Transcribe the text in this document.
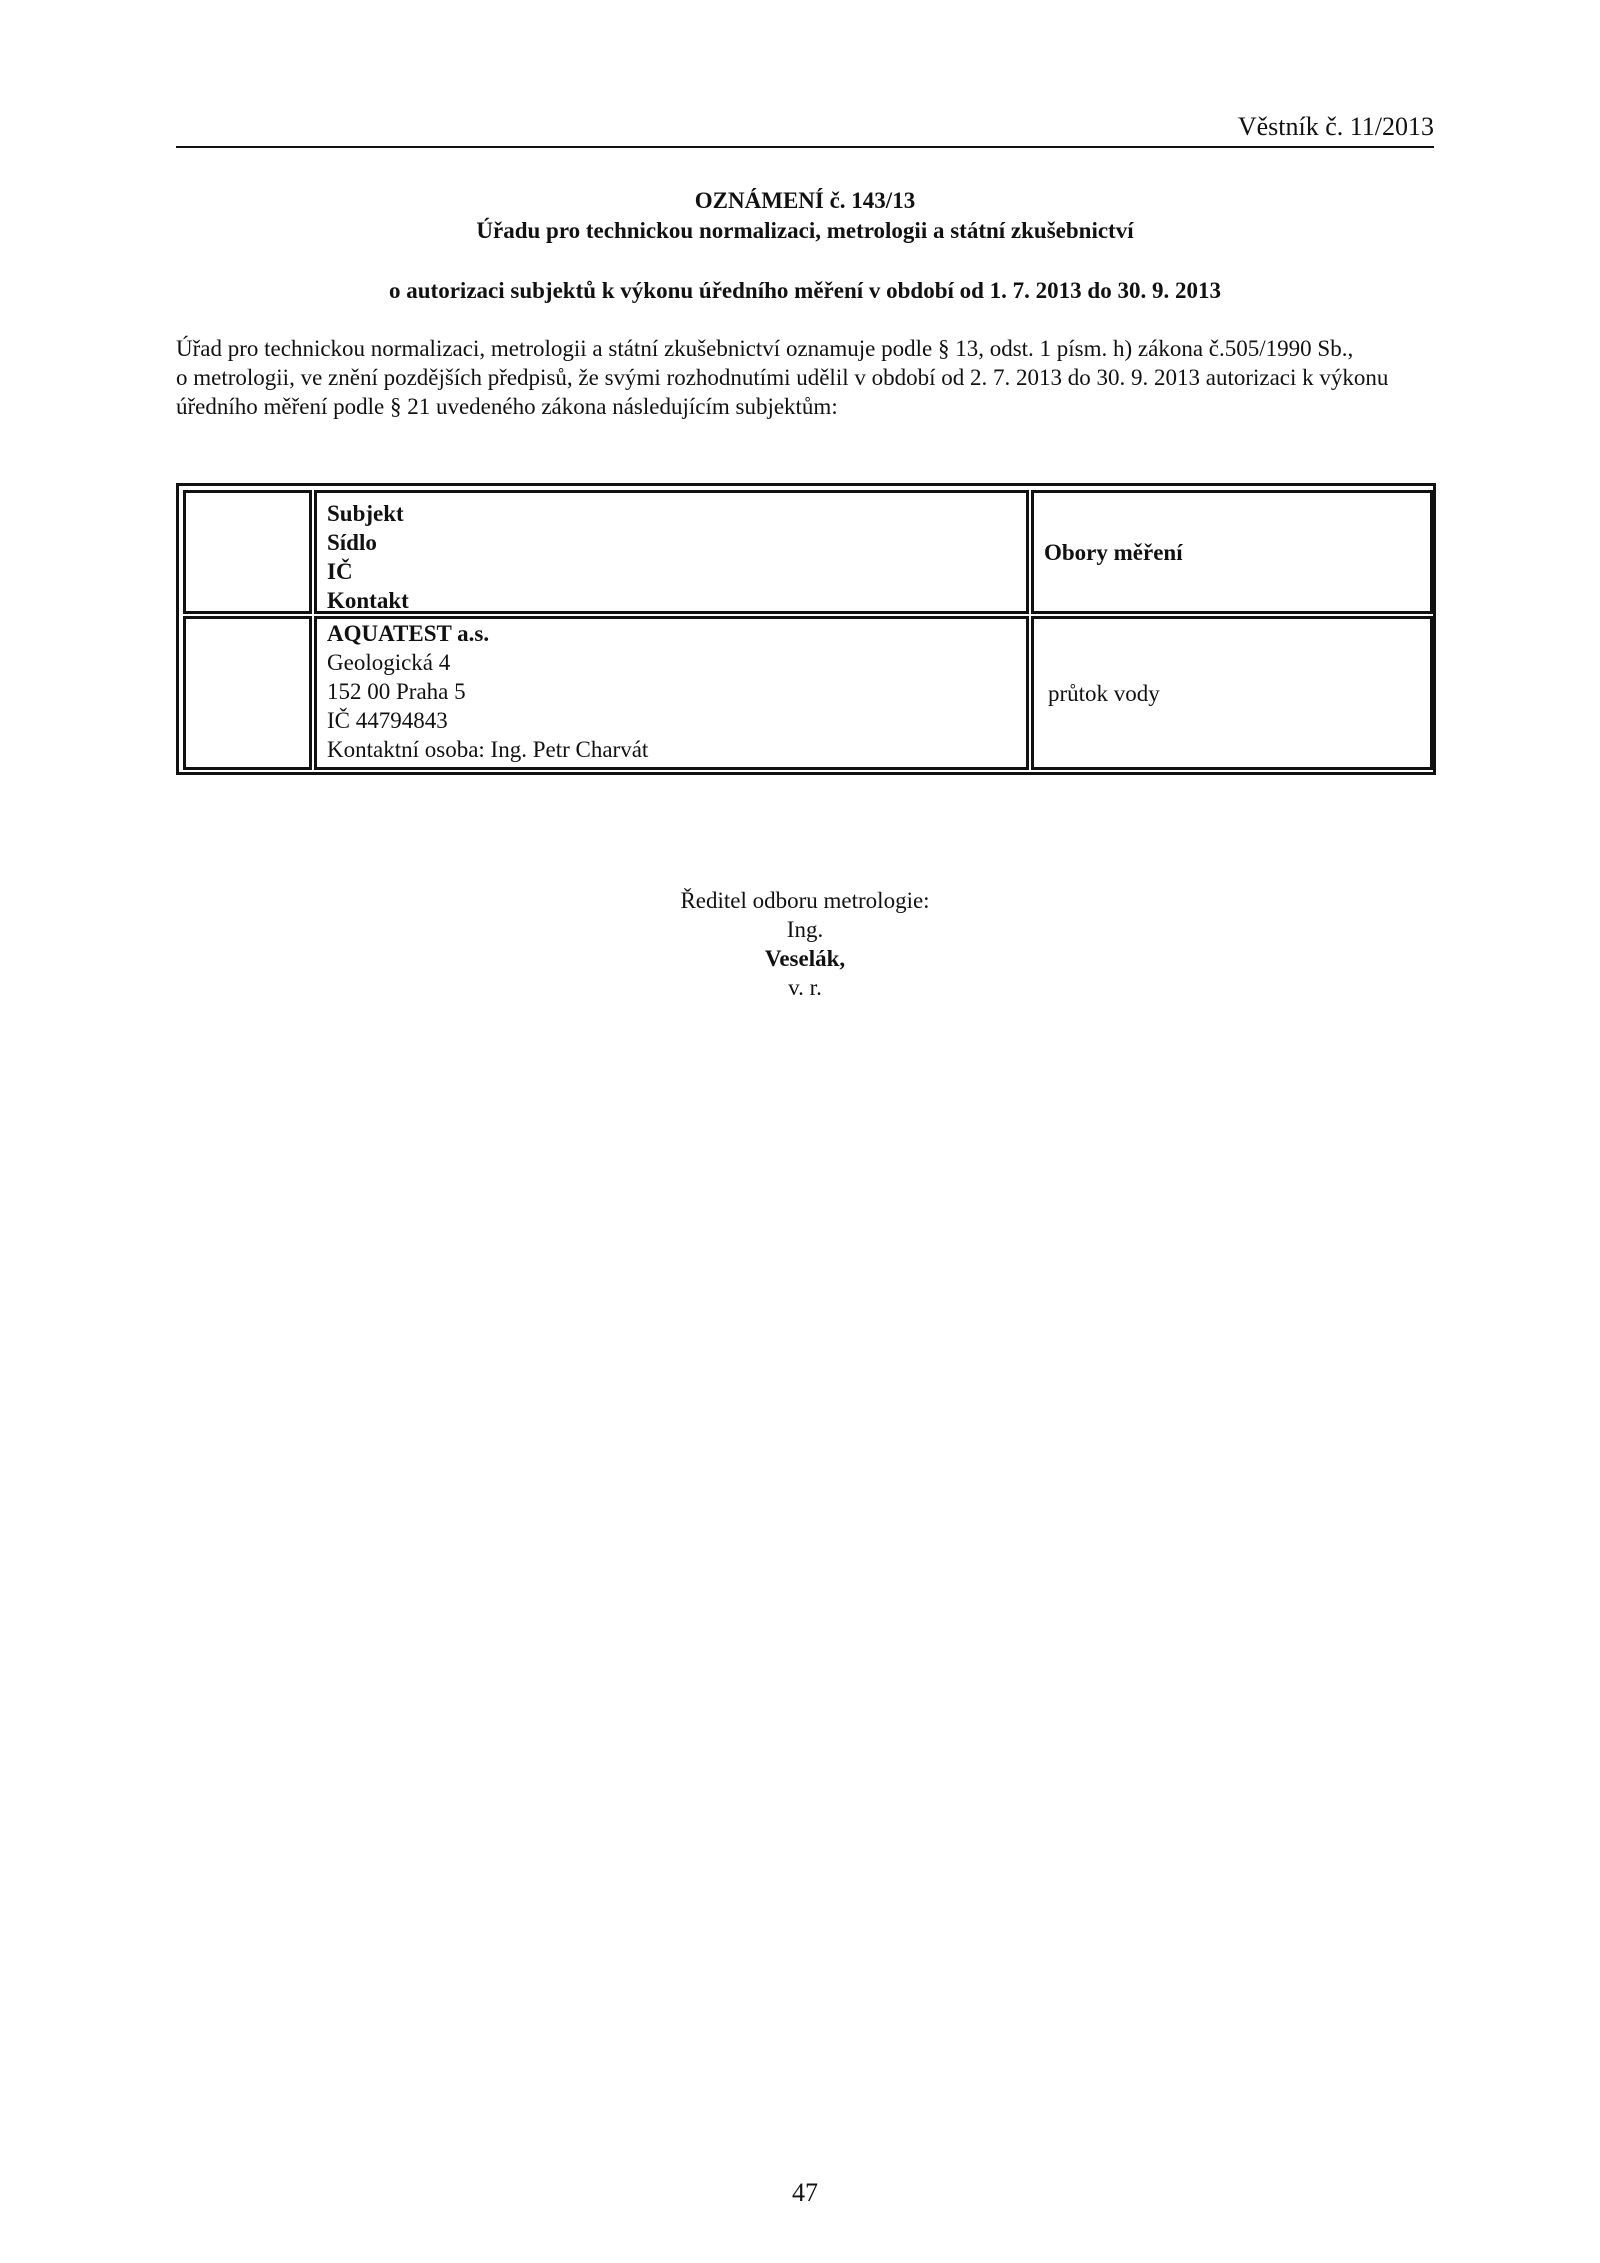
Věstník č. 11/2013
OZNÁMENÍ č. 143/13
Úřadu pro technickou normalizaci, metrologii a státní zkušebnictví
o autorizaci subjektů k výkonu úředního měření v období od 1. 7. 2013 do 30. 9. 2013
Úřad pro technickou normalizaci, metrologii a státní zkušebnictví oznamuje podle § 13, odst. 1 písm. h) zákona č.505/1990 Sb.,
o metrologii, ve znění pozdějších předpisů, že svými rozhodnutími udělil v období od 2. 7. 2013 do 30. 9. 2013 autorizaci k výkonu
úředního měření podle § 21 uvedeného zákona následujícím subjektům:
Subjekt
Sídlo
IČ
Kontakt
Obory měření
AQUATEST a.s.
Geologická 4
152 00 Praha 5
IČ 44794843
Kontaktní osoba: Ing. Petr Charvát
průtok vody
Ředitel odboru metrologie:
Ing.
Veselák,
v. r.
47
